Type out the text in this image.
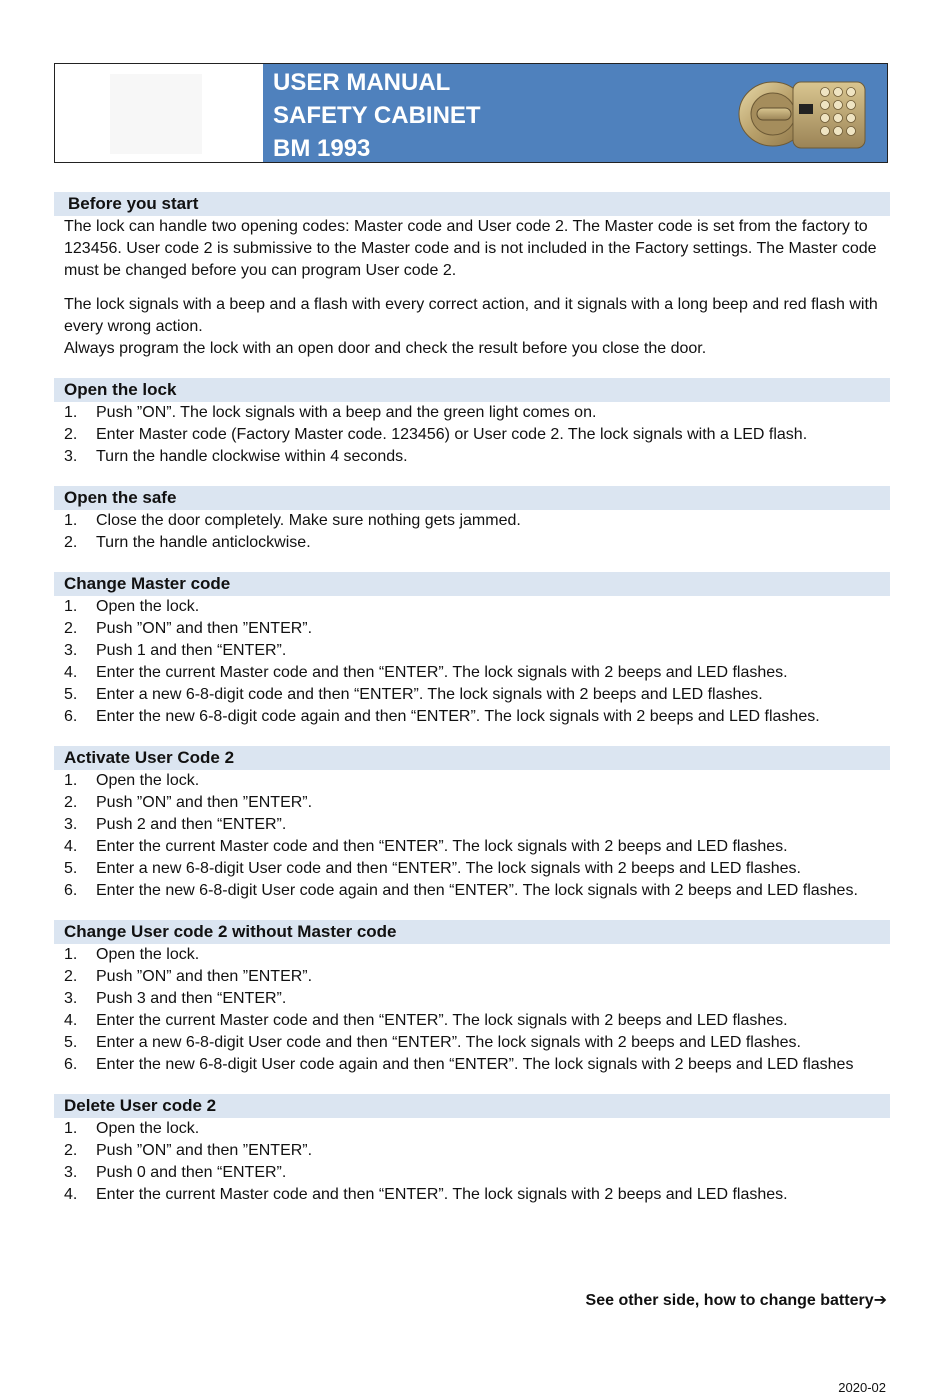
USER MANUAL
SAFETY CABINET
BM 1993
Before you start

The lock can handle two opening codes: Master code and User code 2. The Master code is set from the factory to 123456. User code 2 is submissive to the Master code and is not included in the Factory settings. The Master code must be changed before you can program User code 2.

The lock signals with a beep and a flash with every correct action, and it signals with a long beep and red flash with every wrong action.

Always program the lock with an open door and check the result before you close the door.

Open the lock
1.	Push ”ON”. The lock signals with a beep and the green light comes on.
2.	Enter Master code (Factory Master code. 123456) or User code 2. The lock signals with a LED flash.
3.	Turn the handle clockwise within 4 seconds.
Open the safe
1.	Close the door completely. Make sure nothing gets jammed.
2.	Turn the handle anticlockwise.
Change Master code
1.	Open the lock.
2.	Push ”ON” and then ”ENTER”.
3.	Push 1 and then “ENTER”.
4.	Enter the current Master code and then “ENTER”. The lock signals with 2 beeps and LED flashes.
5.	Enter a new 6-8-digit code and then “ENTER”. The lock signals with 2 beeps and LED flashes.
6.	Enter the new 6-8-digit code again and then “ENTER”. The lock signals with 2 beeps and LED flashes.
Activate User Code 2
1.	Open the lock.
2.	Push ”ON” and then ”ENTER”.
3.	Push 2 and then “ENTER”.
4.	Enter the current Master code and then “ENTER”. The lock signals with 2 beeps and LED flashes.
5.	Enter a new 6-8-digit User code and then “ENTER”. The lock signals with 2 beeps and LED flashes.
6.	Enter the new 6-8-digit User code again and then “ENTER”. The lock signals with 2 beeps and LED flashes.
Change User code 2 without Master code
1.	Open the lock.
2.	Push ”ON” and then ”ENTER”.
3.	Push 3 and then “ENTER”.
4.	Enter the current Master code and then “ENTER”. The lock signals with 2 beeps and LED flashes.
5.	Enter a new 6-8-digit User code and then “ENTER”. The lock signals with 2 beeps and LED flashes.
6.	Enter the new 6-8-digit User code again and then “ENTER”. The lock signals with 2 beeps and LED flashes
Delete User code 2
1.	Open the lock.
2.	Push ”ON” and then ”ENTER”.
3.	Push 0 and then “ENTER”.
4.	Enter the current Master code and then “ENTER”. The lock signals with 2 beeps and LED flashes.
See other side, how to change battery➔
2020-02
